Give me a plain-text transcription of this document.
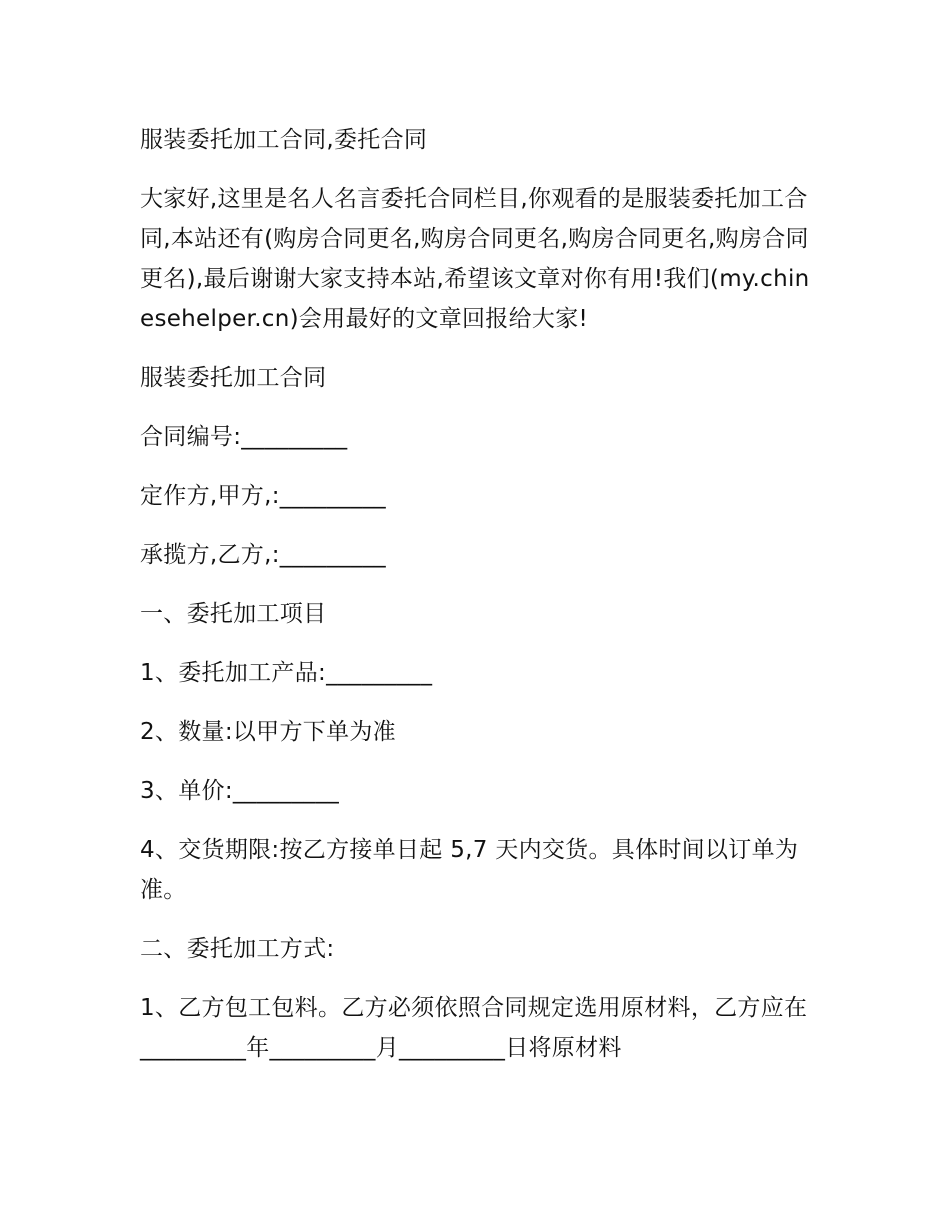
服装委托加工合同,委托合同

大家好,这里是名人名言委托合同栏目,你观看的是服装委托加工合同,本站还有(购房合同更名,购房合同更名,购房合同更名,购房合同更名),最后谢谢大家支持本站,希望该文章对你有用!我们(my.chinesehelper.cn)会用最好的文章回报给大家!

服装委托加工合同

合同编号:_________

定作方,甲方,:_________

承揽方,乙方,:_________

一、委托加工项目

1、委托加工产品:_________

2、数量:以甲方下单为准

3、单价:_________

4、交货期限:按乙方接单日起 5,7 天内交货。具体时间以订单为准。

二、委托加工方式:

1、乙方包工包料。乙方必须依照合同规定选用原材料，乙方应在_________年_________月_________日将原材料
